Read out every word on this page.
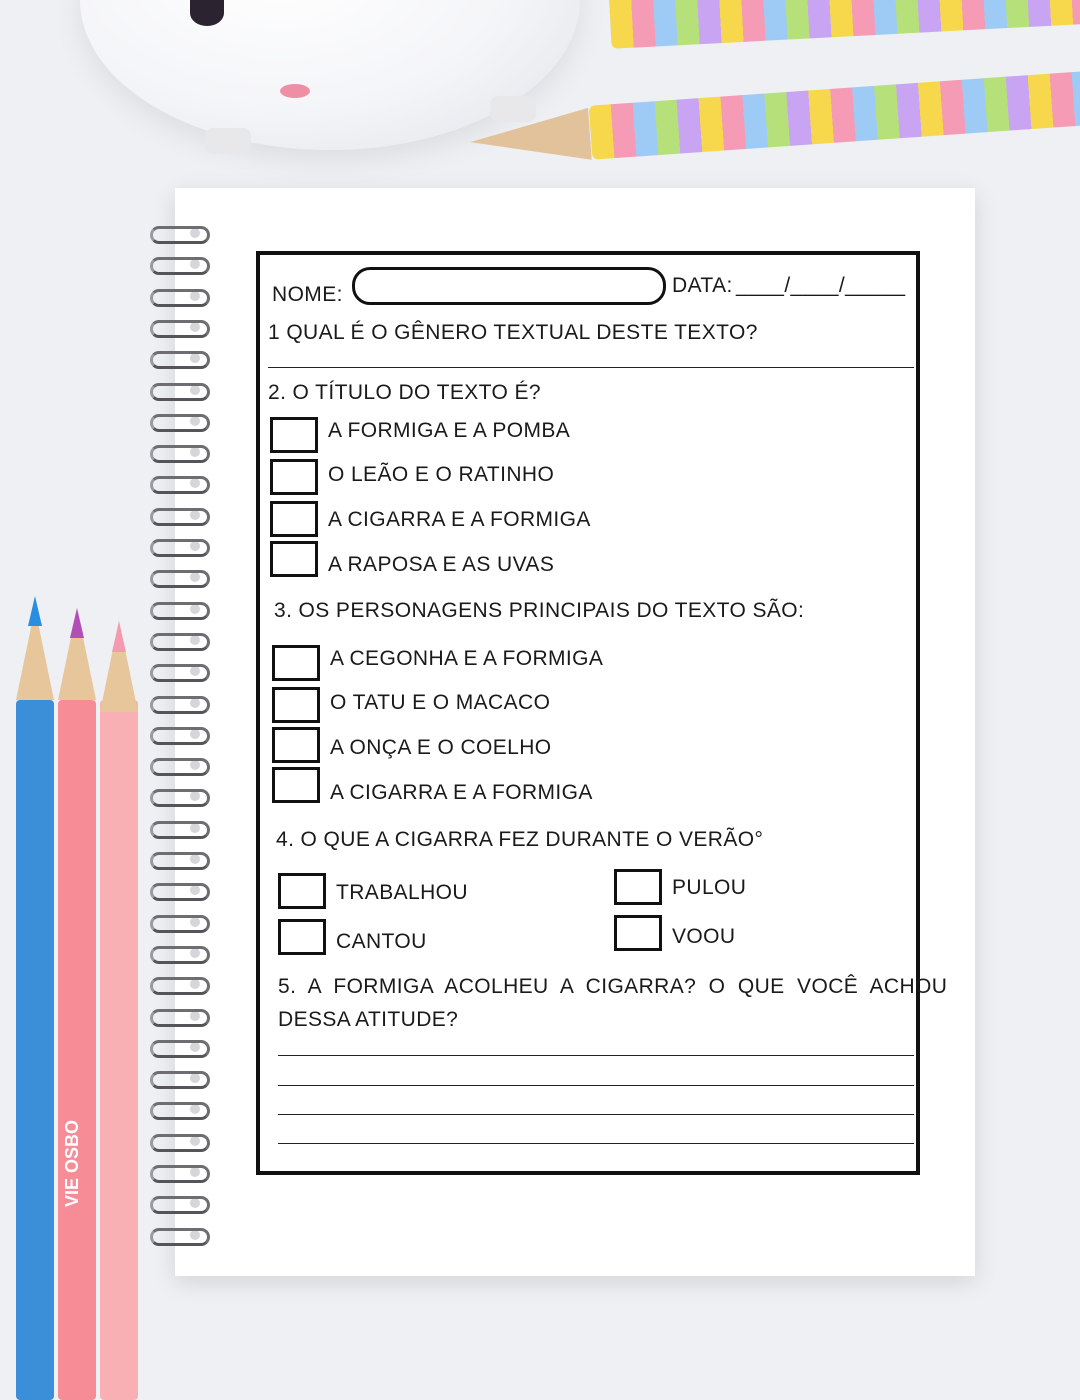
VIE OSBO
NOME:	DATA: ____/____/_____
1 QUAL É O GÊNERO TEXTUAL DESTE TEXTO?
2. O TÍTULO DO TEXTO É?
A FORMIGA E A POMBA
O LEÃO E O RATINHO
A CIGARRA E A FORMIGA
A RAPOSA E AS UVAS
3. OS PERSONAGENS PRINCIPAIS DO TEXTO SÃO:
A CEGONHA E A FORMIGA
O TATU E O MACACO
A ONÇA E O COELHO
A CIGARRA E A FORMIGA
4. O QUE A CIGARRA FEZ DURANTE O VERÃO°
TRABALHOU
CANTOU
PULOU
VOOU
5.  A  FORMIGA  ACOLHEU  A  CIGARRA?  O  QUE  VOCÊ  ACHOU
DESSA ATITUDE?
